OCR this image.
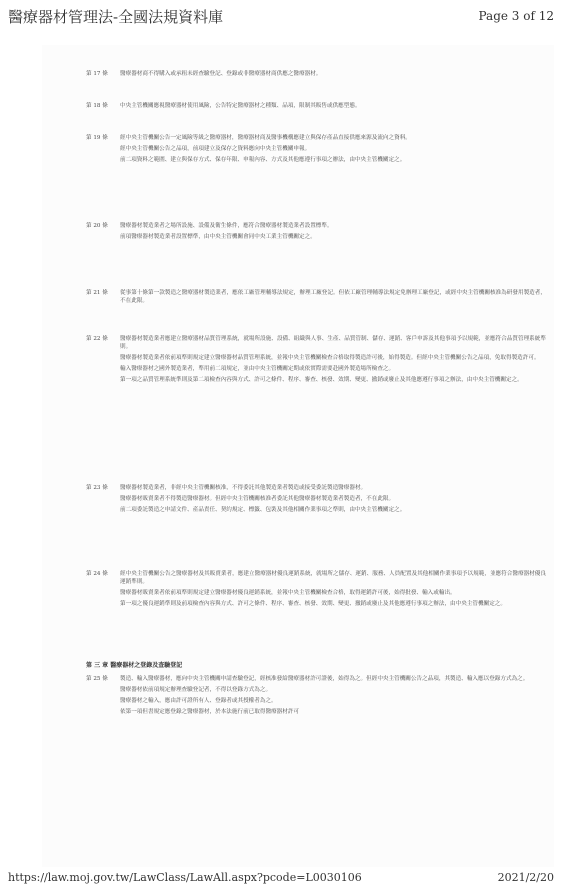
醫療器材管理法-全國法規資料庫	Page 3 of 12
第 17 條	醫療器材商不得購入或承租未經查驗登記、登錄或非醫療器材商供應之醫療器材。
第 18 條	中央主管機關應視醫療器材使用風險，公告特定醫療器材之種類、品項，限制其販售或供應型態。
第 19 條	經中央主管機關公告一定風險等級之醫療器材，醫療器材商及醫事機構應建立與保存產品直接供應來源及流向之資料。
經中央主管機關公告之品項，前項建立及保存之資料應向中央主管機關申報。
前二項資料之範圍、建立與保存方式、保存年限、申報內容、方式及其他應遵行事項之辦法，由中央主管機關定之。
第 20 條	醫療器材製造業者之場所設施、設備及衛生條件，應符合醫療器材製造業者設置標準。
前項醫療器材製造業者設置標準，由中央主管機關會同中央工業主管機關定之。
第 21 條	從事第十條第一款製造之醫療器材製造業者，應依工廠管理輔導法規定，辦理工廠登記。但依工廠管理輔導法規定免辦理工廠登記，或經中央主管機關核准為研發用製造者，不在此限。
第 22 條	醫療器材製造業者應建立醫療器材品質管理系統，就場所設施、設備、組織與人事、生產、品質管制、儲存、運銷、客戶申訴及其他事項予以規範，並應符合品質管理系統準則。
醫療器材製造業者依前項準則規定建立醫療器材品質管理系統，並報中央主管機關檢查合格取得製造許可後，始得製造。但經中央主管機關公告之品項，免取得製造許可。
輸入醫療器材之國外製造業者，準用前二項規定，並由中央主管機關定期或依實際需要赴國外製造場所檢查之。
第一項之品質管理系統準則及第二項檢查內容與方式、許可之條件、程序、審查、核發、效期、變更、撤銷或廢止及其他應遵行事項之辦法，由中央主管機關定之。
第 23 條	醫療器材製造業者，非經中央主管機關核准，不得委託其他製造業者製造或接受委託製造醫療器材。
醫療器材販賣業者不得製造醫療器材。但經中央主管機關核准者委託其他醫療器材製造業者製造者，不在此限。
前二項委託製造之申請文件、產品責任、契約規定、標籤、包裝及其他相關作業事項之準則，由中央主管機關定之。
第 24 條	經中央主管機關公告之醫療器材及其販賣業者，應建立醫療器材優良運銷系統，就場所之儲存、運銷、服務、人員配置及其他相關作業事項予以規範，並應符合醫療器材優良運銷準則。
醫療器材販賣業者依前項準則規定建立醫療器材優良運銷系統，並報中央主管機關檢查合格，取得運銷許可後，始得批發、輸入或輸出。
第一項之優良運銷準則及前項檢查內容與方式、許可之條件、程序、審查、核發、效期、變更、撤銷或廢止及其他應遵行事項之辦法，由中央主管機關定之。
第 三 章 醫療器材之登錄及查驗登記
第 25 條	製造、輸入醫療器材，應向中央主管機關申請查驗登記，經核准發給醫療器材許可證後，始得為之。但經中央主管機關公告之品項，其製造、輸入應以登錄方式為之。
醫療器材依前項規定辦理查驗登記者，不得以登錄方式為之。
醫療器材之輸入，應由許可證所有人、登錄者或其授權者為之。
依第一項但書規定應登錄之醫療器材，於本法施行前已取得醫療器材許可
https://law.moj.gov.tw/LawClass/LawAll.aspx?pcode=L0030106	2021/2/20
